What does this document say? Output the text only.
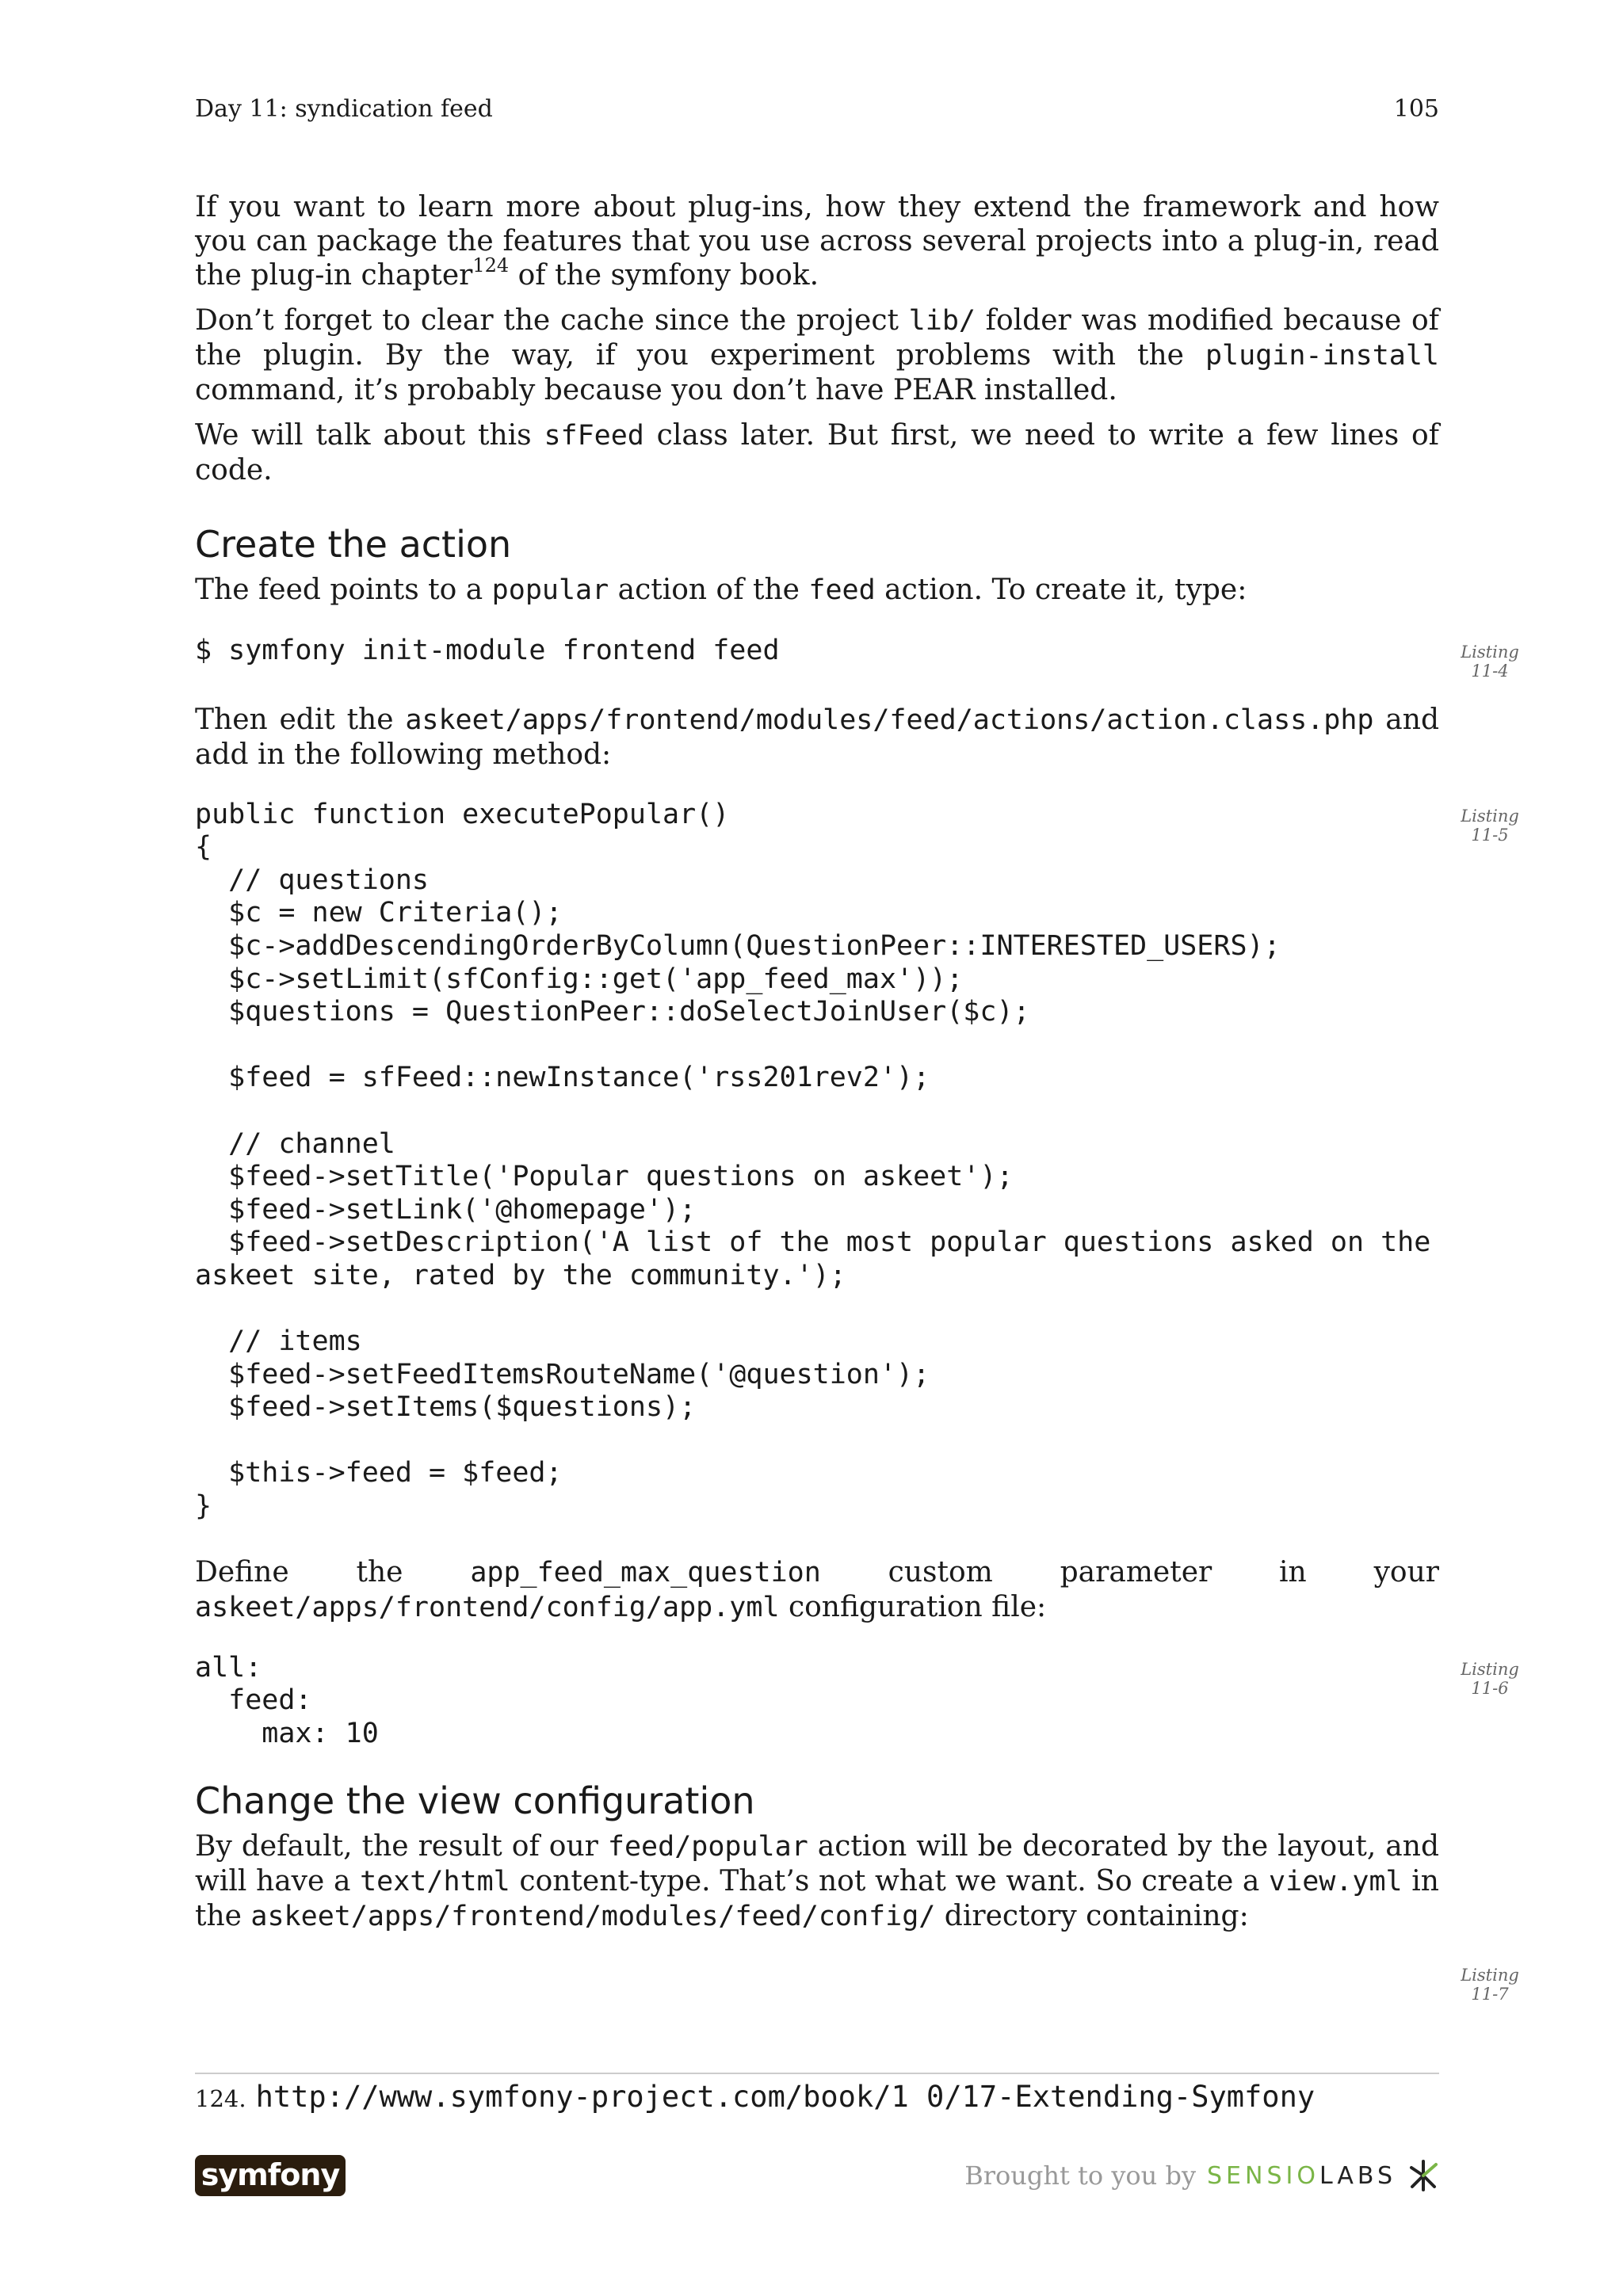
Day 11: syndication feed	105

If you want to learn more about plug-ins, how they extend the framework and how you can package the features that you use across several projects into a plug-in, read the plug-in chapter$^{124}$ of the symfony book.

Don’t forget to clear the cache since the project lib/ folder was modified because of the plugin. By the way, if you experiment problems with the plugin-install command, it’s probably because you don’t have PEAR installed.

We will talk about this sfFeed class later. But first, we need to write a few lines of code.

Create the action

The feed points to a popular action of the feed action. To create it, type:

$ symfony init-module frontend feed	Listing
11-4

Then edit the askeet/apps/frontend/modules/feed/actions/action.class.php and add in the following method:

public function executePopular()
{
// questions
$c = new Criteria();
$c->addDescendingOrderByColumn(QuestionPeer::INTERESTED_USERS);
$c->setLimit(sfConfig::get('app_feed_max'));
$questions = QuestionPeer::doSelectJoinUser($c);

$feed = sfFeed::newInstance('rss201rev2');

// channel
$feed->setTitle('Popular questions on askeet');
$feed->setLink('@homepage');
$feed->setDescription('A list of the most popular questions asked on the
askeet site, rated by the community.');

// items
$feed->setFeedItemsRouteName('@question');
$feed->setItems($questions);

$this->feed = $feed;
}
Listing
11-5

Define the app_feed_max_question custom parameter in your askeet/apps/frontend/config/app.yml configuration file:

all:
feed:
max: 10
Listing
11-6
Change the view configuration

By default, the result of our feed/popular action will be decorated by the layout, and will have a text/html content-type. That’s not what we want. So create a view.yml in the askeet/apps/frontend/modules/feed/config/ directory containing:

Listing
11-7
124. http://www.symfony-project.com/book/1 0/17-Extending-Symfony
symfony	Brought to you by SENSIOLABS
